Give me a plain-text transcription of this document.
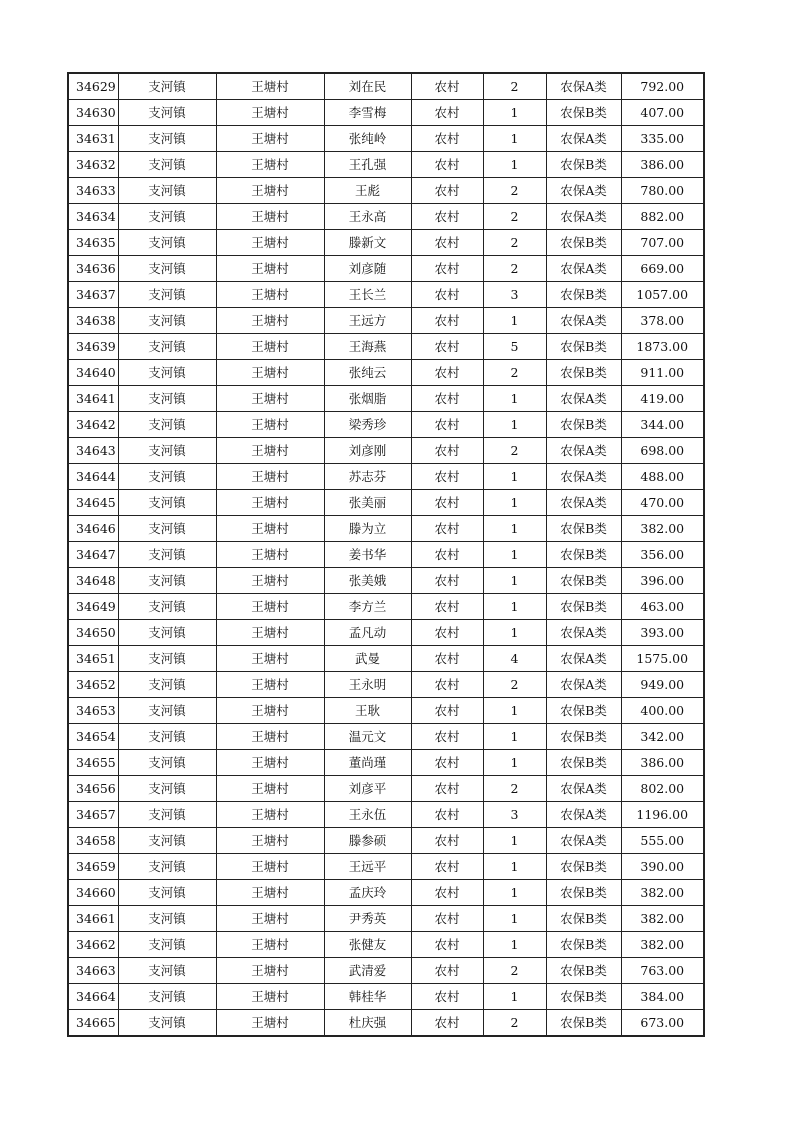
34629	支河镇	王塘村	刘在民	农村	2	农保A类	792.00
34630	支河镇	王塘村	李雪梅	农村	1	农保B类	407.00
34631	支河镇	王塘村	张纯岭	农村	1	农保A类	335.00
34632	支河镇	王塘村	王孔强	农村	1	农保B类	386.00
34633	支河镇	王塘村	王彪	农村	2	农保A类	780.00
34634	支河镇	王塘村	王永高	农村	2	农保A类	882.00
34635	支河镇	王塘村	滕新文	农村	2	农保B类	707.00
34636	支河镇	王塘村	刘彦随	农村	2	农保A类	669.00
34637	支河镇	王塘村	王长兰	农村	3	农保B类	1057.00
34638	支河镇	王塘村	王远方	农村	1	农保A类	378.00
34639	支河镇	王塘村	王海燕	农村	5	农保B类	1873.00
34640	支河镇	王塘村	张纯云	农村	2	农保B类	911.00
34641	支河镇	王塘村	张烟脂	农村	1	农保A类	419.00
34642	支河镇	王塘村	梁秀珍	农村	1	农保B类	344.00
34643	支河镇	王塘村	刘彦刚	农村	2	农保A类	698.00
34644	支河镇	王塘村	苏志芬	农村	1	农保A类	488.00
34645	支河镇	王塘村	张美丽	农村	1	农保A类	470.00
34646	支河镇	王塘村	滕为立	农村	1	农保B类	382.00
34647	支河镇	王塘村	姜书华	农村	1	农保B类	356.00
34648	支河镇	王塘村	张美娥	农村	1	农保B类	396.00
34649	支河镇	王塘村	李方兰	农村	1	农保B类	463.00
34650	支河镇	王塘村	孟凡动	农村	1	农保A类	393.00
34651	支河镇	王塘村	武曼	农村	4	农保A类	1575.00
34652	支河镇	王塘村	王永明	农村	2	农保A类	949.00
34653	支河镇	王塘村	王耿	农村	1	农保B类	400.00
34654	支河镇	王塘村	温元文	农村	1	农保B类	342.00
34655	支河镇	王塘村	董尚瑾	农村	1	农保B类	386.00
34656	支河镇	王塘村	刘彦平	农村	2	农保A类	802.00
34657	支河镇	王塘村	王永伍	农村	3	农保A类	1196.00
34658	支河镇	王塘村	滕参硕	农村	1	农保A类	555.00
34659	支河镇	王塘村	王远平	农村	1	农保B类	390.00
34660	支河镇	王塘村	孟庆玲	农村	1	农保B类	382.00
34661	支河镇	王塘村	尹秀英	农村	1	农保B类	382.00
34662	支河镇	王塘村	张健友	农村	1	农保B类	382.00
34663	支河镇	王塘村	武清爱	农村	2	农保B类	763.00
34664	支河镇	王塘村	韩桂华	农村	1	农保B类	384.00
34665	支河镇	王塘村	杜庆强	农村	2	农保B类	673.00
